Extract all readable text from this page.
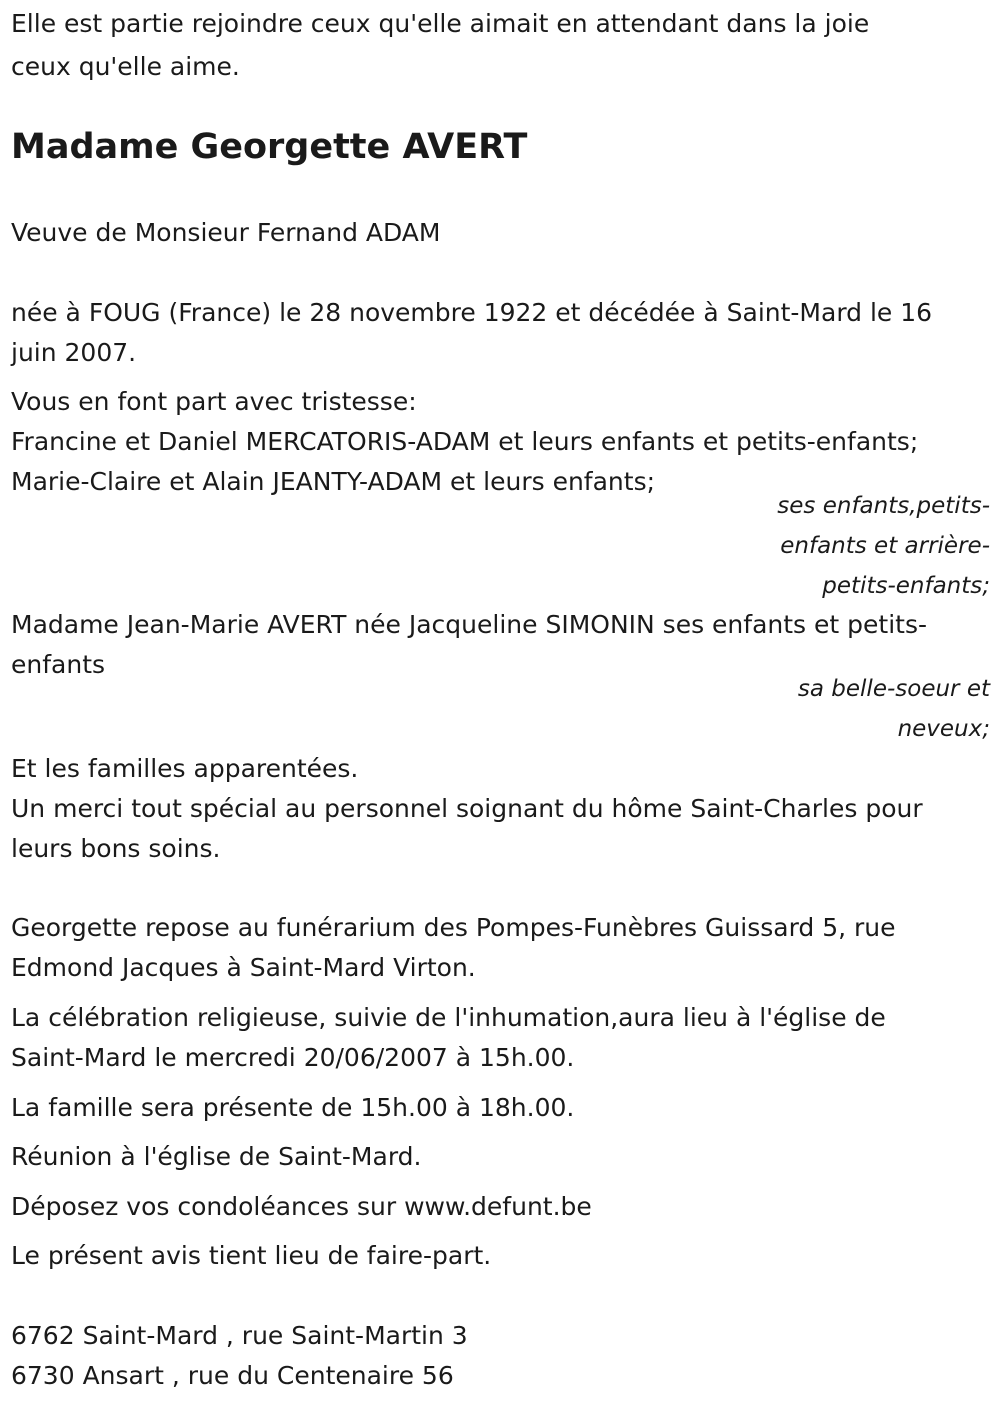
Elle est partie rejoindre ceux qu'elle aimait en attendant dans la joie
ceux qu'elle aime.
Madame Georgette AVERT
Veuve de Monsieur Fernand ADAM
née à FOUG (France) le 28 novembre 1922 et décédée à Saint-Mard le 16
juin 2007.
Vous en font part avec tristesse:
Francine et Daniel MERCATORIS-ADAM et leurs enfants et petits-enfants;
Marie-Claire et Alain JEANTY-ADAM et leurs enfants;
ses enfants,petits-
enfants et arrière-
petits-enfants;
Madame Jean-Marie AVERT née Jacqueline SIMONIN ses enfants et petits-
enfants
sa belle-soeur et
neveux;
Et les familles apparentées.
Un merci tout spécial au personnel soignant du hôme Saint-Charles pour
leurs bons soins.
Georgette repose au funérarium des Pompes-Funèbres Guissard 5, rue
Edmond Jacques à Saint-Mard Virton.
La célébration religieuse, suivie de l'inhumation,aura lieu à l'église de
Saint-Mard le mercredi 20/06/2007 à 15h.00.
La famille sera présente de 15h.00 à 18h.00.
Réunion à l'église de Saint-Mard.
Déposez vos condoléances sur www.defunt.be
Le présent avis tient lieu de faire-part.
6762 Saint-Mard , rue Saint-Martin 3
6730 Ansart , rue du Centenaire 56
